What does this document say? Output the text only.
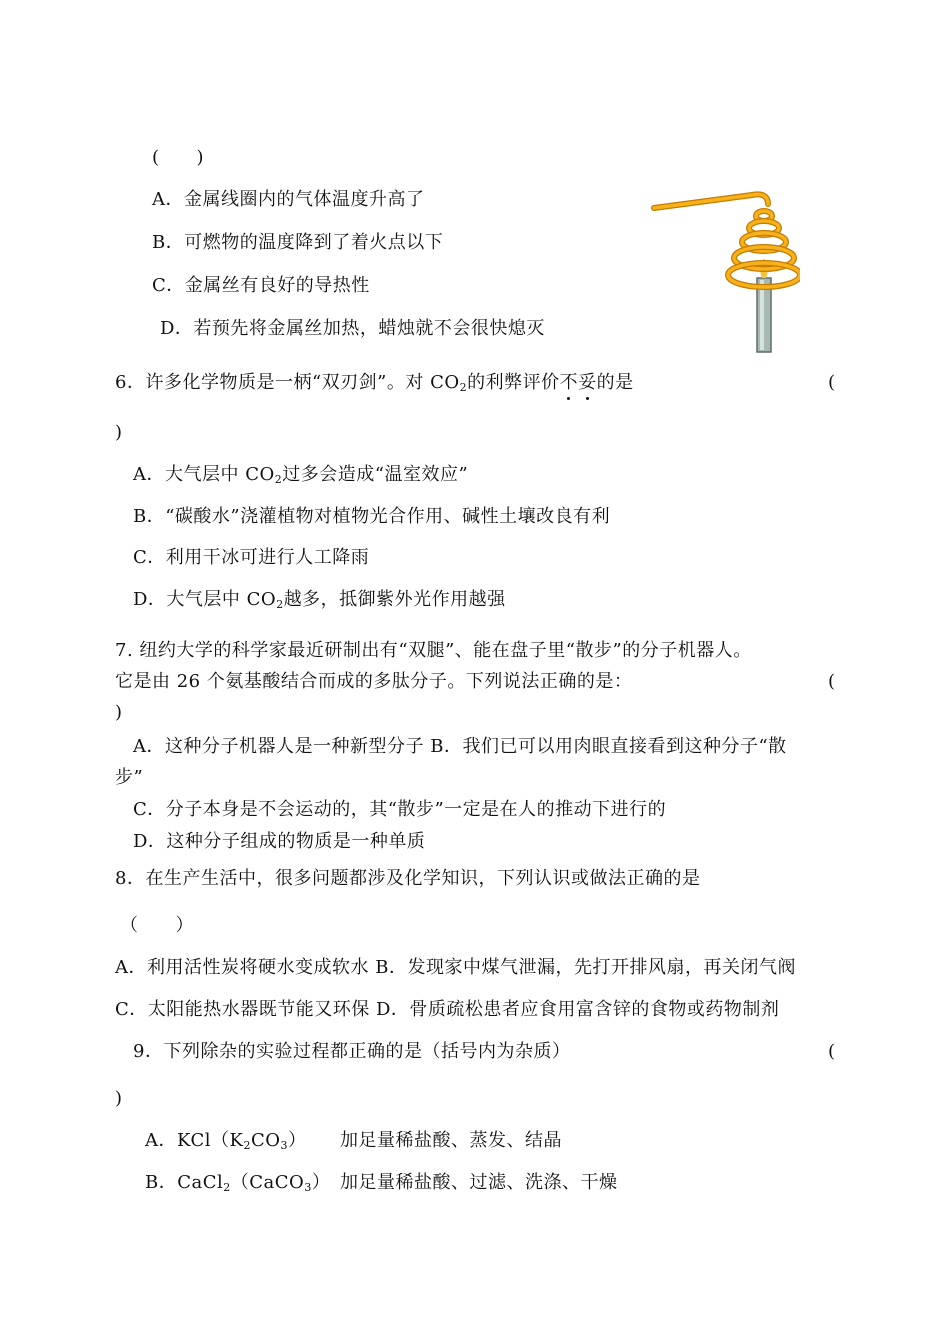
(　　)
A．金属线圈内的气体温度升高了
B．可燃物的温度降到了着火点以下
C．金属丝有良好的导热性
D．若预先将金属丝加热，蜡烛就不会很快熄灭
6．许多化学物质是一柄“双刃剑”。对 $CO_2$的利弊评价不妥的是	(
)
A．大气层中 $CO_2$过多会造成“温室效应”
B．“碳酸水”浇灌植物对植物光合作用、碱性土壤改良有利
C．利用干冰可进行人工降雨
D．大气层中 $CO_2$越多，抵御紫外光作用越强
7. 纽约大学的科学家最近研制出有“双腿”、能在盘子里“散步”的分子机器人。
它是由 26 个氨基酸结合而成的多肽分子。下列说法正确的是：	(
)
A．这种分子机器人是一种新型分子 B．我们已可以用肉眼直接看到这种分子“散
步”
C．分子本身是不会运动的，其“散步”一定是在人的推动下进行的
D．这种分子组成的物质是一种单质
8．在生产生活中，很多问题都涉及化学知识，下列认识或做法正确的是
（　　）
A．利用活性炭将硬水变成软水 B．发现家中煤气泄漏，先打开排风扇，再关闭气阀
C．太阳能热水器既节能又环保 D．骨质疏松患者应食用富含锌的食物或药物制剂
9．下列除杂的实验过程都正确的是（括号内为杂质）	(
)
A．$KCl(K_2CO_3)$ 加足量稀盐酸、蒸发、结晶
B．CaCl$_2$（CaCO$_3$） 加足量稀盐酸、过滤、洗涤、干燥
